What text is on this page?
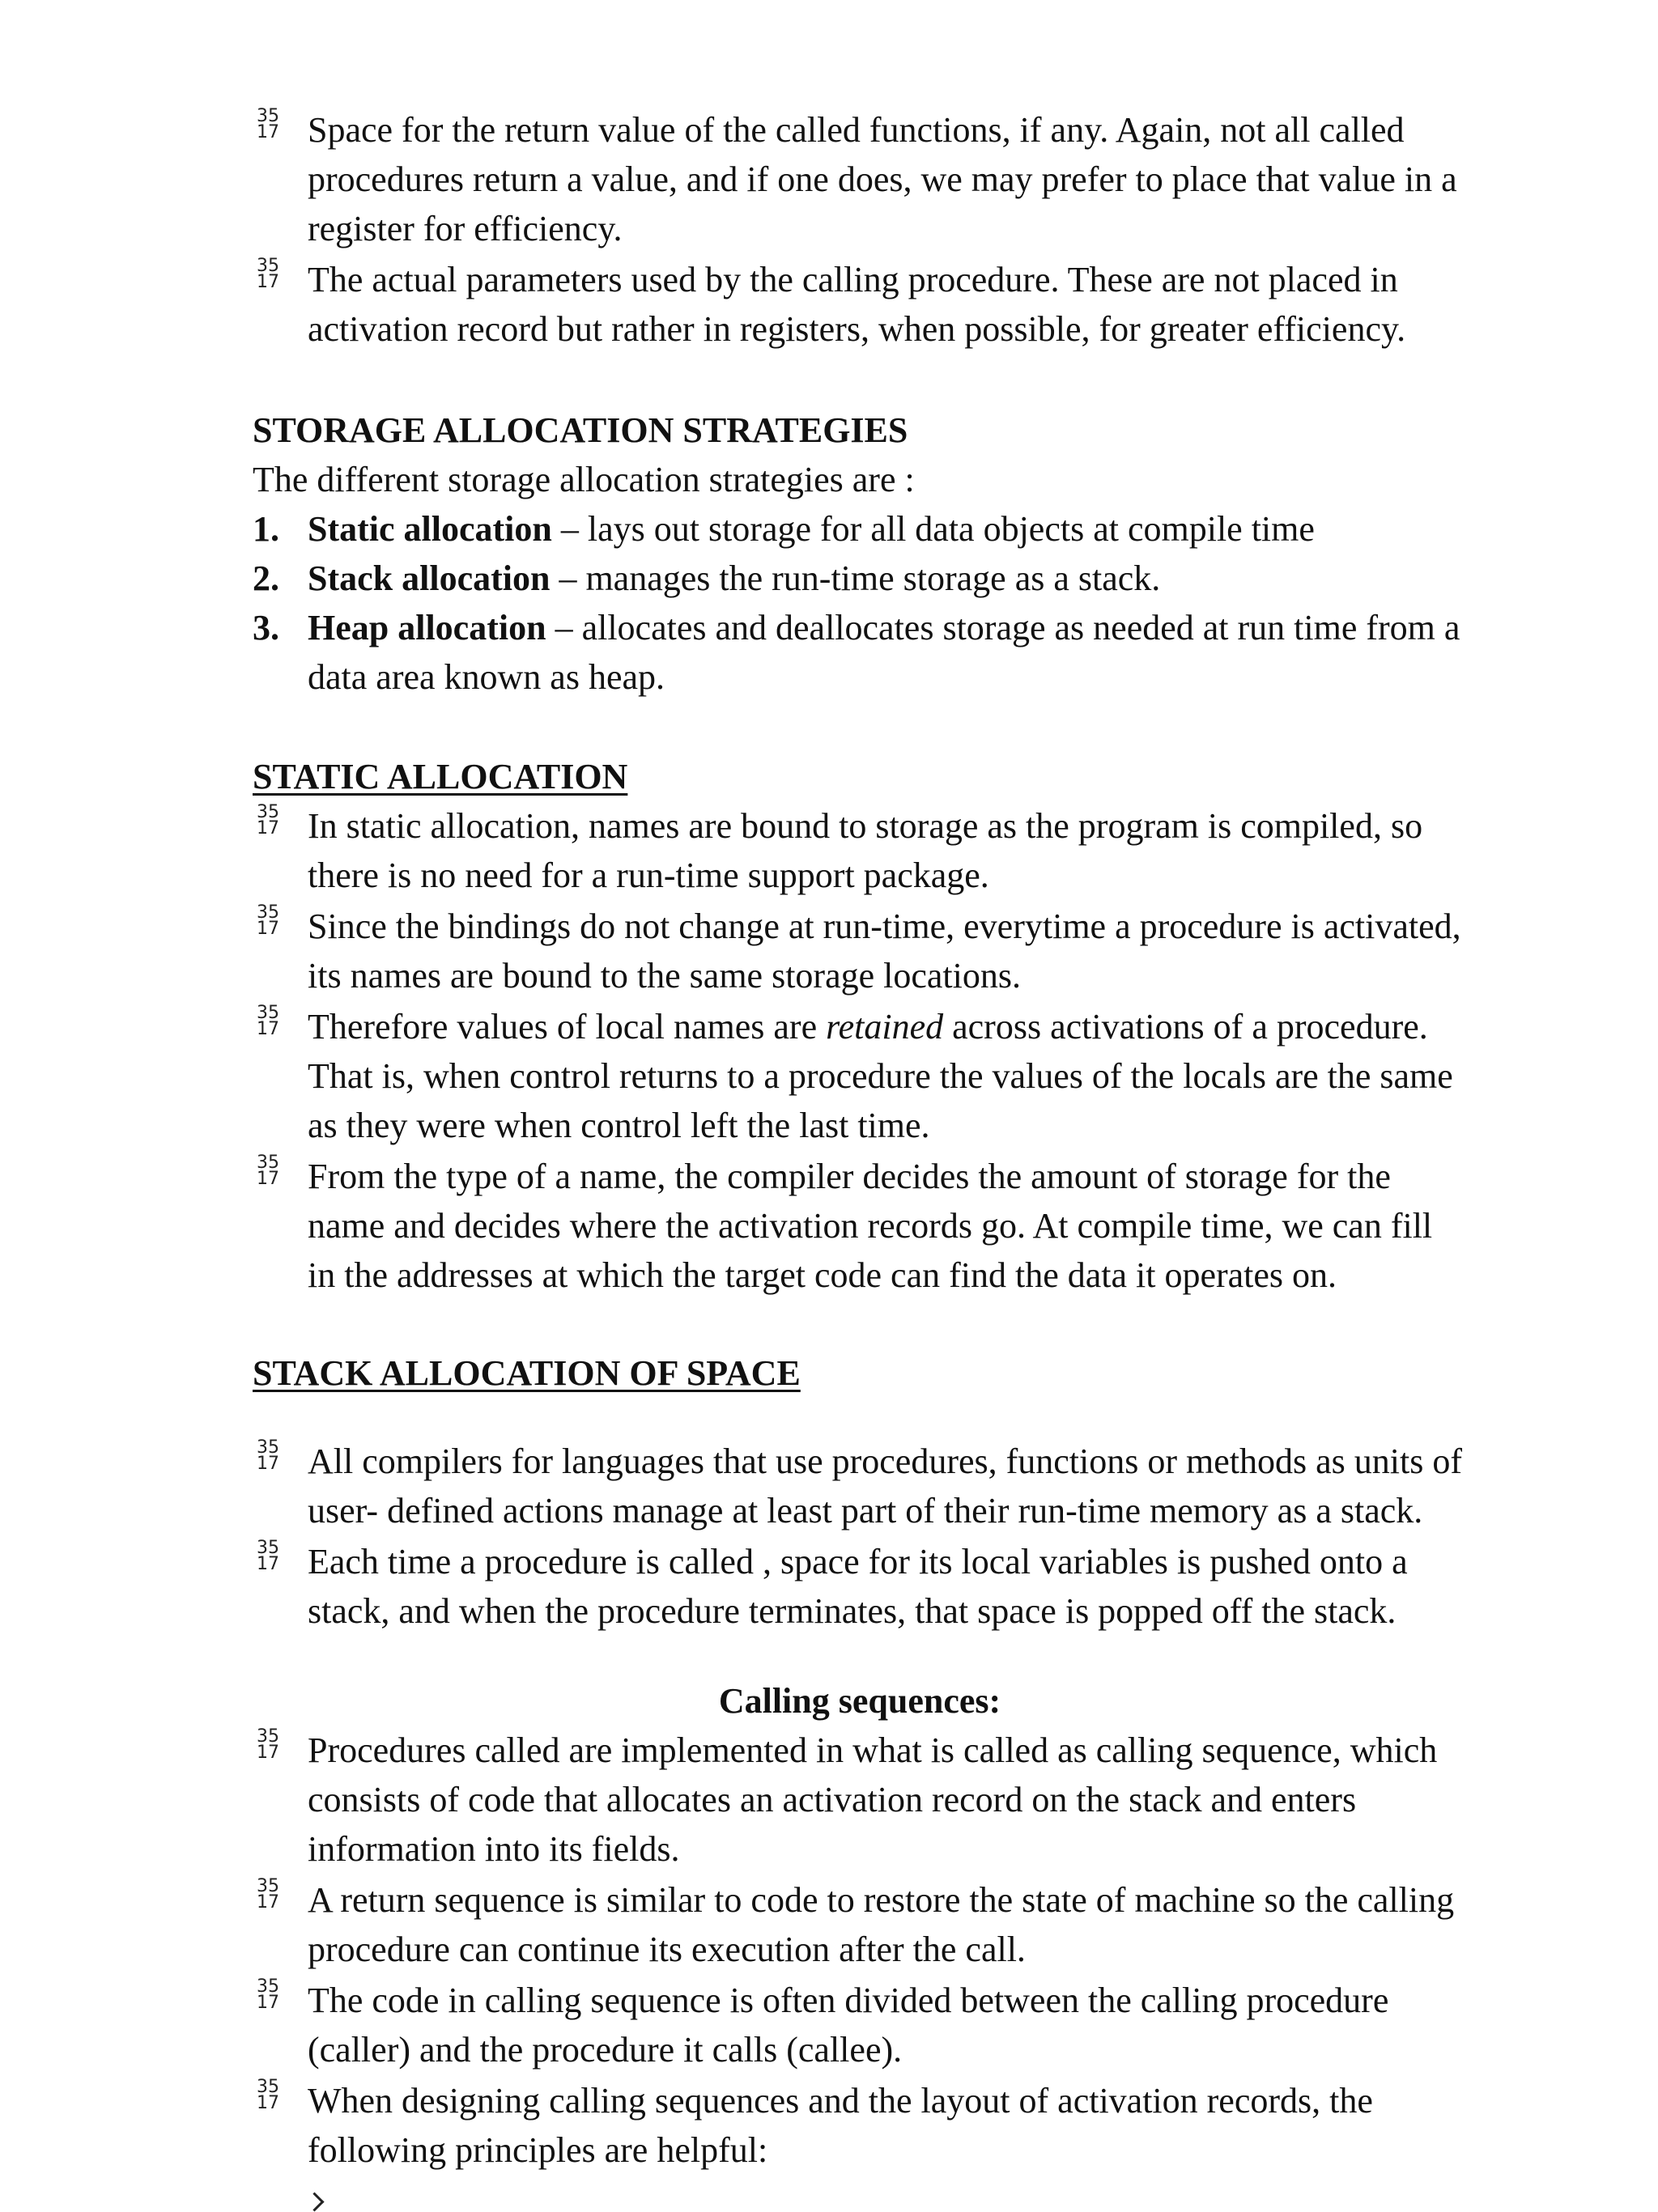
35
17 Space for the return value of the called functions, if any. Again, not all called procedures return a value, and if one does, we may prefer to place that value in a register for efficiency.
35
17 The actual parameters used by the calling procedure. These are not placed in activation record but rather in registers, when possible, for greater efficiency.

STORAGE ALLOCATION STRATEGIES

The different storage allocation strategies are :

1. Static allocation – lays out storage for all data objects at compile time
2. Stack allocation – manages the run-time storage as a stack.
3. Heap allocation – allocates and deallocates storage as needed at run time from a data area known as heap.

STATIC ALLOCATION

35
17 In static allocation, names are bound to storage as the program is compiled, so there is no need for a run-time support package.
35
17 Since the bindings do not change at run-time, everytime a procedure is activated, its names are bound to the same storage locations.
35
17 Therefore values of local names are retained across activations of a procedure. That is, when control returns to a procedure the values of the locals are the same as they were when control left the last time.
35
17 From the type of a name, the compiler decides the amount of storage for the name and decides where the activation records go. At compile time, we can fill in the addresses at which the target code can find the data it operates on.

STACK ALLOCATION OF SPACE

35
17 All compilers for languages that use procedures, functions or methods as units of user- defined actions manage at least part of their run-time memory as a stack.
35
17 Each time a procedure is called , space for its local variables is pushed onto a stack, and when the procedure terminates, that space is popped off the stack.

Calling sequences:

35
17 Procedures called are implemented in what is called as calling sequence, which consists of code that allocates an activation record on the stack and enters information into its fields.
35
17 A return sequence is similar to code to restore the state of machine so the calling procedure can continue its execution after the call.
35
17 The code in calling sequence is often divided between the calling procedure (caller) and the procedure it calls (callee).
35
17 When designing calling sequences and the layout of activation records, the following principles are helpful:
